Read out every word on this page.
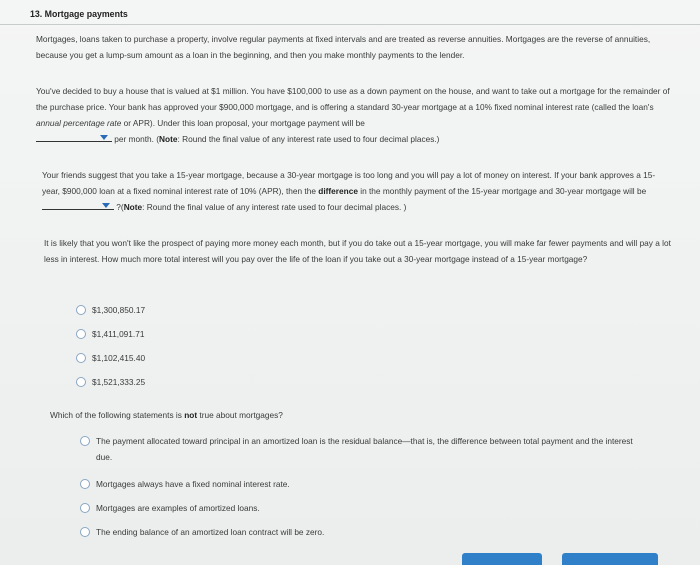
13. Mortgage payments
Mortgages, loans taken to purchase a property, involve regular payments at fixed intervals and are treated as reverse annuities. Mortgages are the reverse of annuities, because you get a lump-sum amount as a loan in the beginning, and then you make monthly payments to the lender.
You've decided to buy a house that is valued at $1 million. You have $100,000 to use as a down payment on the house, and want to take out a mortgage for the remainder of the purchase price. Your bank has approved your $900,000 mortgage, and is offering a standard 30-year mortgage at a 10% fixed nominal interest rate (called the loan's annual percentage rate or APR). Under this loan proposal, your mortgage payment will be

per month. (Note: Round the final value of any interest rate used to four decimal places.)
Your friends suggest that you take a 15-year mortgage, because a 30-year mortgage is too long and you will pay a lot of money on interest. If your bank approves a 15-year, $900,000 loan at a fixed nominal interest rate of 10% (APR), then the difference in the monthly payment of the 15-year mortgage and 30-year mortgage will be
?(Note: Round the final value of any interest rate used to four decimal places. )
It is likely that you won't like the prospect of paying more money each month, but if you do take out a 15-year mortgage, you will make far fewer payments and will pay a lot less in interest. How much more total interest will you pay over the life of the loan if you take out a 30-year mortgage instead of a 15-year mortgage?
$1,300,850.17
$1,411,091.71
$1,102,415.40
$1,521,333.25
Which of the following statements is not true about mortgages?
The payment allocated toward principal in an amortized loan is the residual balance—that is, the difference between total payment and the interest due.
Mortgages always have a fixed nominal interest rate.
Mortgages are examples of amortized loans.
The ending balance of an amortized loan contract will be zero.
